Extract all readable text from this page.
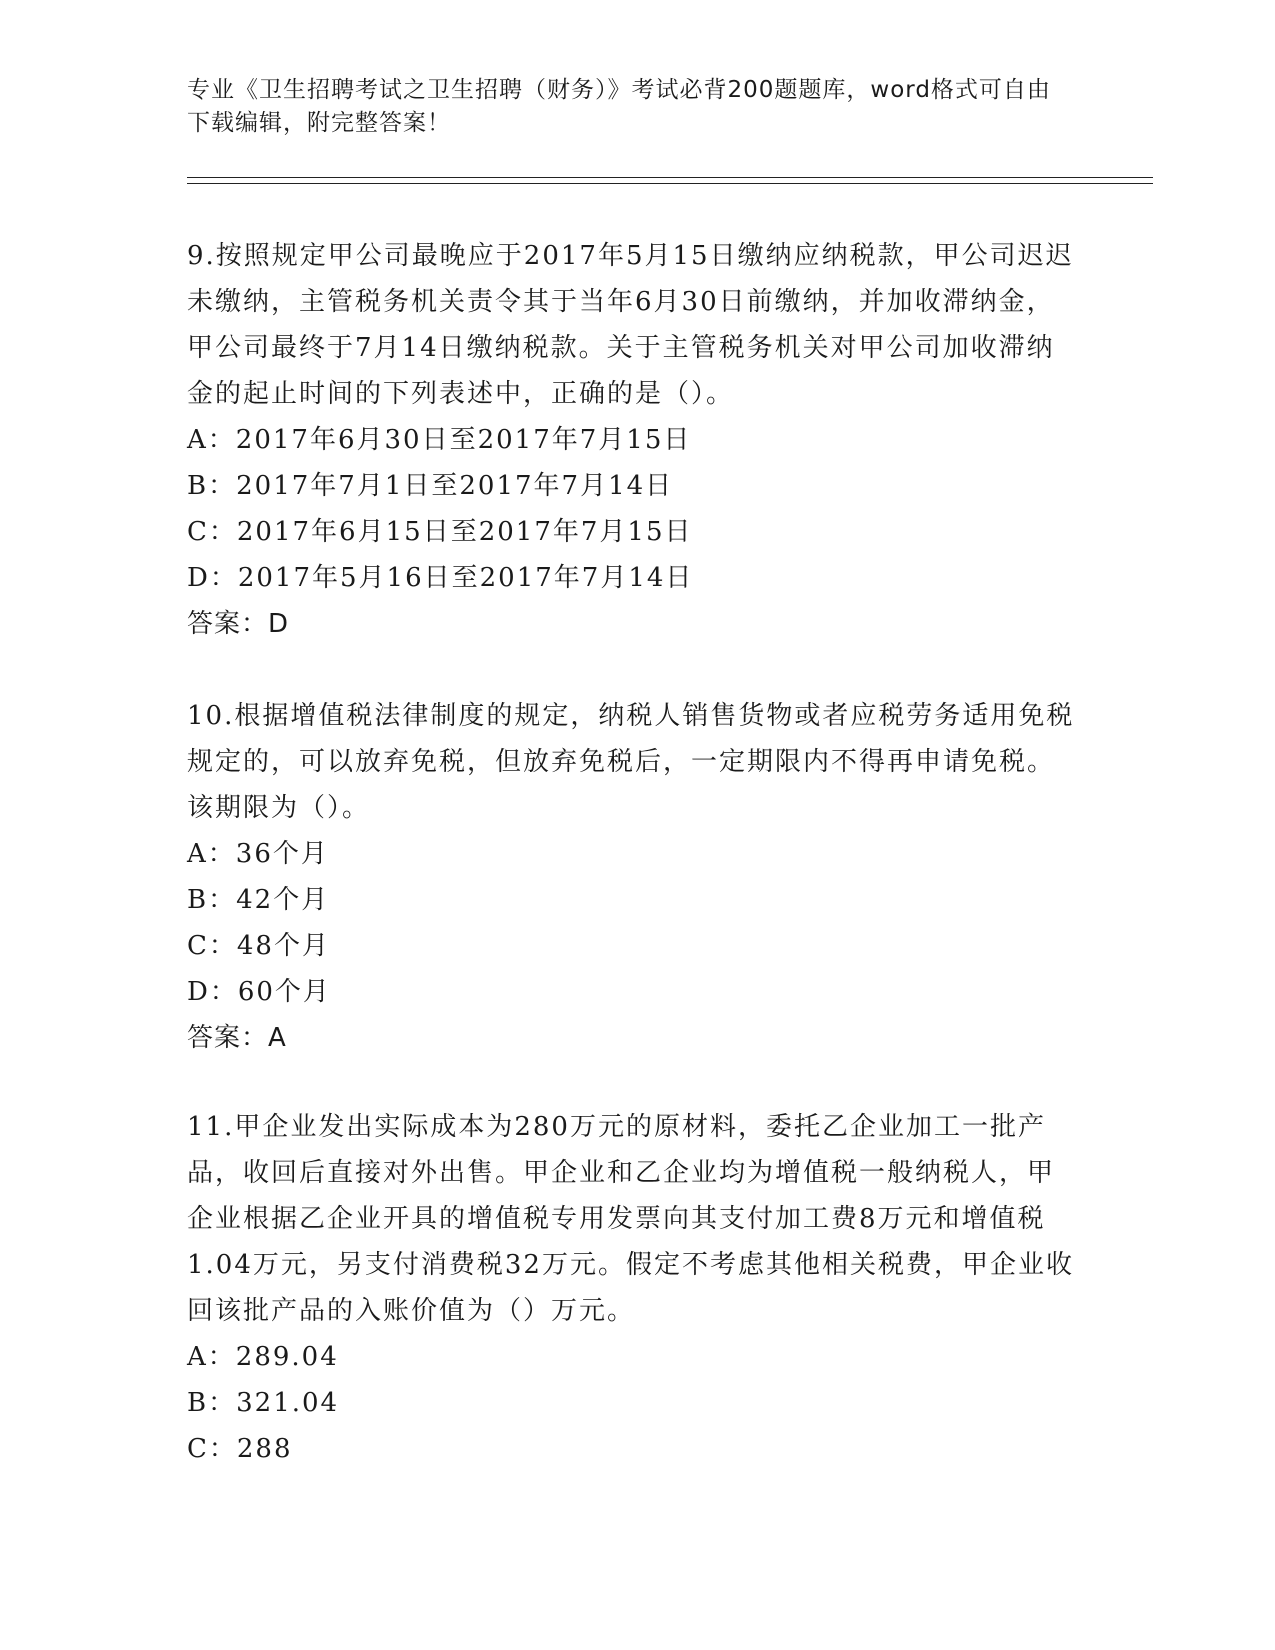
专业《卫生招聘考试之卫生招聘（财务）》考试必背200题题库，word格式可自由下载编辑，附完整答案！
9.按照规定甲公司最晚应于2017年5月15日缴纳应纳税款，甲公司迟迟未缴纳，主管税务机关责令其于当年6月30日前缴纳，并加收滞纳金，甲公司最终于7月14日缴纳税款。关于主管税务机关对甲公司加收滞纳金的起止时间的下列表述中，正确的是（）。
A：2017年6月30日至2017年7月15日
B：2017年7月1日至2017年7月14日
C：2017年6月15日至2017年7月15日
D：2017年5月16日至2017年7月14日
答案：D
10.根据增值税法律制度的规定，纳税人销售货物或者应税劳务适用免税规定的，可以放弃免税，但放弃免税后，一定期限内不得再申请免税。该期限为（）。
A：36个月
B：42个月
C：48个月
D：60个月
答案：A
11.甲企业发出实际成本为280万元的原材料，委托乙企业加工一批产品，收回后直接对外出售。甲企业和乙企业均为增值税一般纳税人，甲企业根据乙企业开具的增值税专用发票向其支付加工费8万元和增值税1.04万元，另支付消费税32万元。假定不考虑其他相关税费，甲企业收回该批产品的入账价值为（）万元。
A：289.04
B：321.04
C：288
